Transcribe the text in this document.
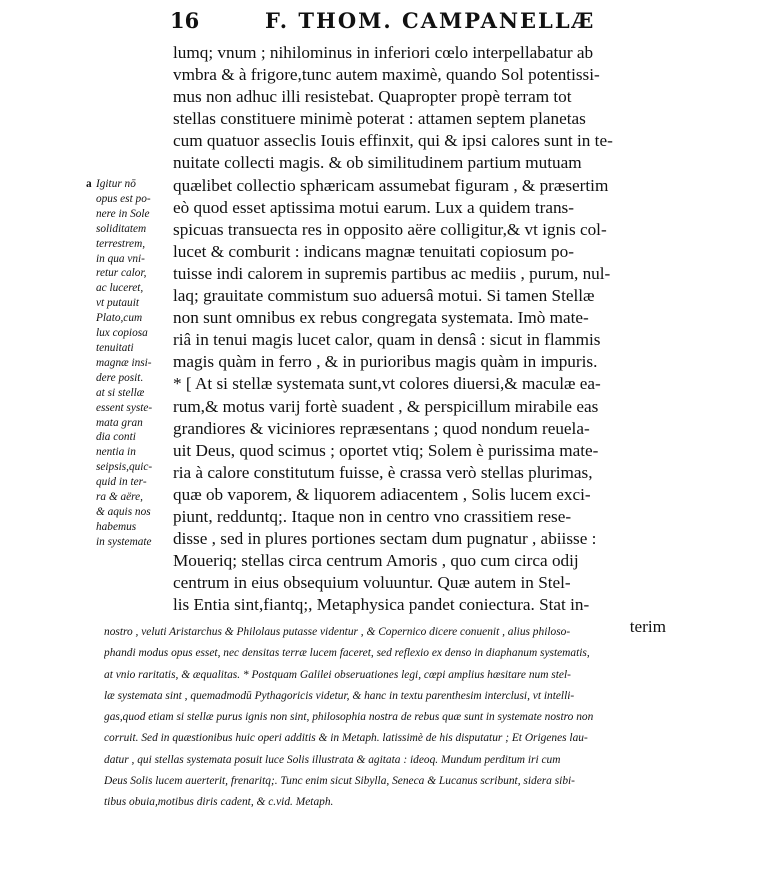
16	F. THOM. CAMPANELLÆ
lumq; vnum ; nihilominus in inferiori cœlo interpellabatur ab
vmbra & à frigore,tunc autem maximè, quando Sol potentissi-
mus non adhuc illi resistebat. Quapropter propè terram tot
stellas constituere minimè poterat : attamen septem planetas
cum quatuor asseclis Iouis effinxit, qui & ipsi calores sunt in te-
nuitate collecti magis. & ob similitudinem partium mutuam
quælibet collectio sphæricam assumebat figuram , & præsertim
eò quod esset aptissima motui earum. Lux a quidem trans-
spicuas transuecta res in opposito aëre colligitur,& vt ignis col-
lucet & comburit : indicans magnæ tenuitati copiosum po-
tuisse indi calorem in supremis partibus ac mediis , purum, nul-
laq; grauitate commistum suo aduersâ motui. Si tamen Stellæ
non sunt omnibus ex rebus congregata systemata. Imò mate-
riâ in tenui magis lucet calor, quam in densâ : sicut in flammis
magis quàm in ferro , & in purioribus magis quàm in impuris.
* [ At si stellæ systemata sunt,vt colores diuersi,& maculæ ea-
rum,& motus varij fortè suadent , & perspicillum mirabile eas
grandiores & viciniores repræsentans ; quod nondum reuela-
uit Deus, quod scimus ; oportet vtiq; Solem è purissima mate-
ria à calore constitutum fuisse, è crassa verò stellas plurimas,
quæ ob vaporem, & liquorem adiacentem , Solis lucem exci-
piunt, redduntq;. Itaque non in centro vno crassitiem rese-
disse , sed in plures portiones sectam dum pugnatur , abiisse :
Moueriq; stellas circa centrum Amoris , quo cum circa odij
centrum in eius obsequium voluuntur. Quæ autem in Stel-
lis Entia sint,fiantq;, Metaphysica pandet coniectura. Stat in-
terim
a Igitur nō
opus est po-
nere in Sole
soliditatem
terrestrem,
in qua vni-
retur calor,
ac luceret,
vt putauit
Plato,cum
lux copiosa
tenuitati
magnæ insi-
dere posit.
at si stellæ
essent syste-
mata gran
dia conti
nentia in
seipsis,quic-
quid in ter-
ra & aëre,
& aquis nos
habemus
in systemate
nostro , veluti Aristarchus & Philolaus putasse videntur , & Copernico dicere conuenit , alius philoso-
phandi modus opus esset, nec densitas terræ lucem faceret, sed reflexio ex denso in diaphanum systematis,
at vnio raritatis, & æqualitas. * Postquam Galilei obseruationes legi, cœpi amplius hæsitare num stel-
læ systemata sint , quemadmodū Pythagoricis videtur, & hanc in textu parenthesim interclusi, vt intelli-
gas,quod etiam si stellæ purus ignis non sint, philosophia nostra de rebus quæ sunt in systemate nostro non
corruit. Sed in quæstionibus huic operi additis & in Metaph. latissimè de his disputatur ; Et Origenes lau-
datur , qui stellas systemata posuit luce Solis illustrata & agitata : ideoq. Mundum perditum iri cum
Deus Solis lucem auerterit, frenaritq;. Tunc enim sicut Sibylla, Seneca & Lucanus scribunt, sidera sibi-
tibus obuia,motibus diris cadent, & c.vid. Metaph.
